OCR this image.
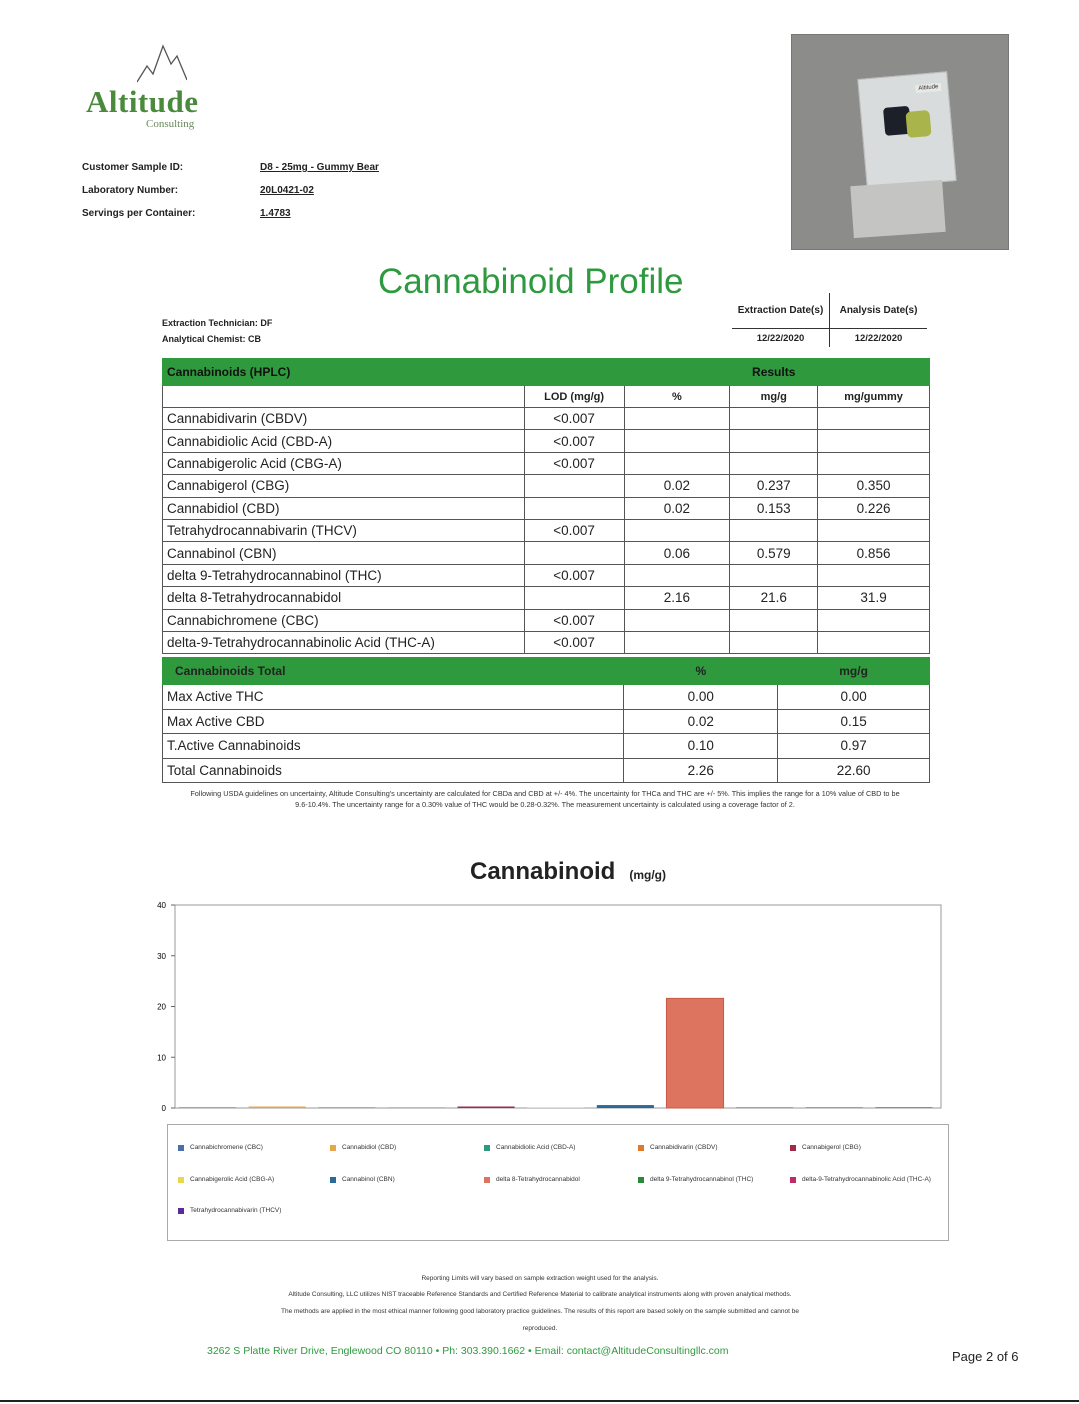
Altitude
Consulting
Altitude
Customer Sample ID:	D8 - 25mg - Gummy Bear
Laboratory Number:	20L0421-02
Servings per Container:	1.4783
Cannabinoid Profile
Extraction Date(s)	Analysis Date(s)
12/22/2020	12/22/2020
Extraction Technician: DF
Analytical Chemist: CB
Cannabinoids (HPLC)			Results	
	LOD (mg/g)	%	mg/g	mg/gummy
Cannabidivarin (CBDV)	<0.007			
Cannabidiolic Acid (CBD-A)	<0.007			
Cannabigerolic Acid (CBG-A)	<0.007			
Cannabigerol (CBG)		0.02	0.237	0.350
Cannabidiol (CBD)		0.02	0.153	0.226
Tetrahydrocannabivarin (THCV)	<0.007			
Cannabinol (CBN)		0.06	0.579	0.856
delta 9-Tetrahydrocannabinol (THC)	<0.007			
delta 8-Tetrahydrocannabidol		2.16	21.6	31.9
Cannabichromene (CBC)	<0.007			
delta-9-Tetrahydrocannabinolic Acid (THC-A)	<0.007			
Cannabinoids Total	%	mg/g
Max Active THC	0.00	0.00
Max Active CBD	0.02	0.15
T.Active Cannabinoids	0.10	0.97
Total Cannabinoids	2.26	22.60
Following USDA guidelines on uncertainty, Altitude Consulting's uncertainty are calculated for CBDa and CBD at +/- 4%. The uncertainty for THCa and THC are +/- 5%. This implies the range for a 10% value of CBD to be 9.6-10.4%. The uncertainty range for a 0.30% value of THC would be 0.28-0.32%. The measurement uncertainty is calculated using a coverage factor of 2.
Cannabinoid (mg/g)
0
10
20
30
40
Cannabichromene (CBC)	Cannabidiol (CBD)	Cannabidiolic Acid (CBD-A)	Cannabidivarin (CBDV)	Cannabigerol (CBG)
Cannabigerolic Acid (CBG-A)	Cannabinol (CBN)	delta 8-Tetrahydrocannabidol	delta 9-Tetrahydrocannabinol (THC)	delta-9-Tetrahydrocannabinolic Acid (THC-A)
Tetrahydrocannabivarin (THCV)
Reporting Limits will vary based on sample extraction weight used for the analysis.
Altitude Consulting, LLC utilizes NIST traceable Reference Standards and Certified Reference Material to calibrate analytical instruments along with proven analytical methods.
The methods are applied in the most ethical manner following good laboratory practice guidelines. The results of this report are based solely on the sample submitted and cannot be
reproduced.
3262 S Platte River Drive, Englewood CO 80110 • Ph: 303.390.1662 • Email: contact@AltitudeConsultingllc.com	Page 2 of 6
